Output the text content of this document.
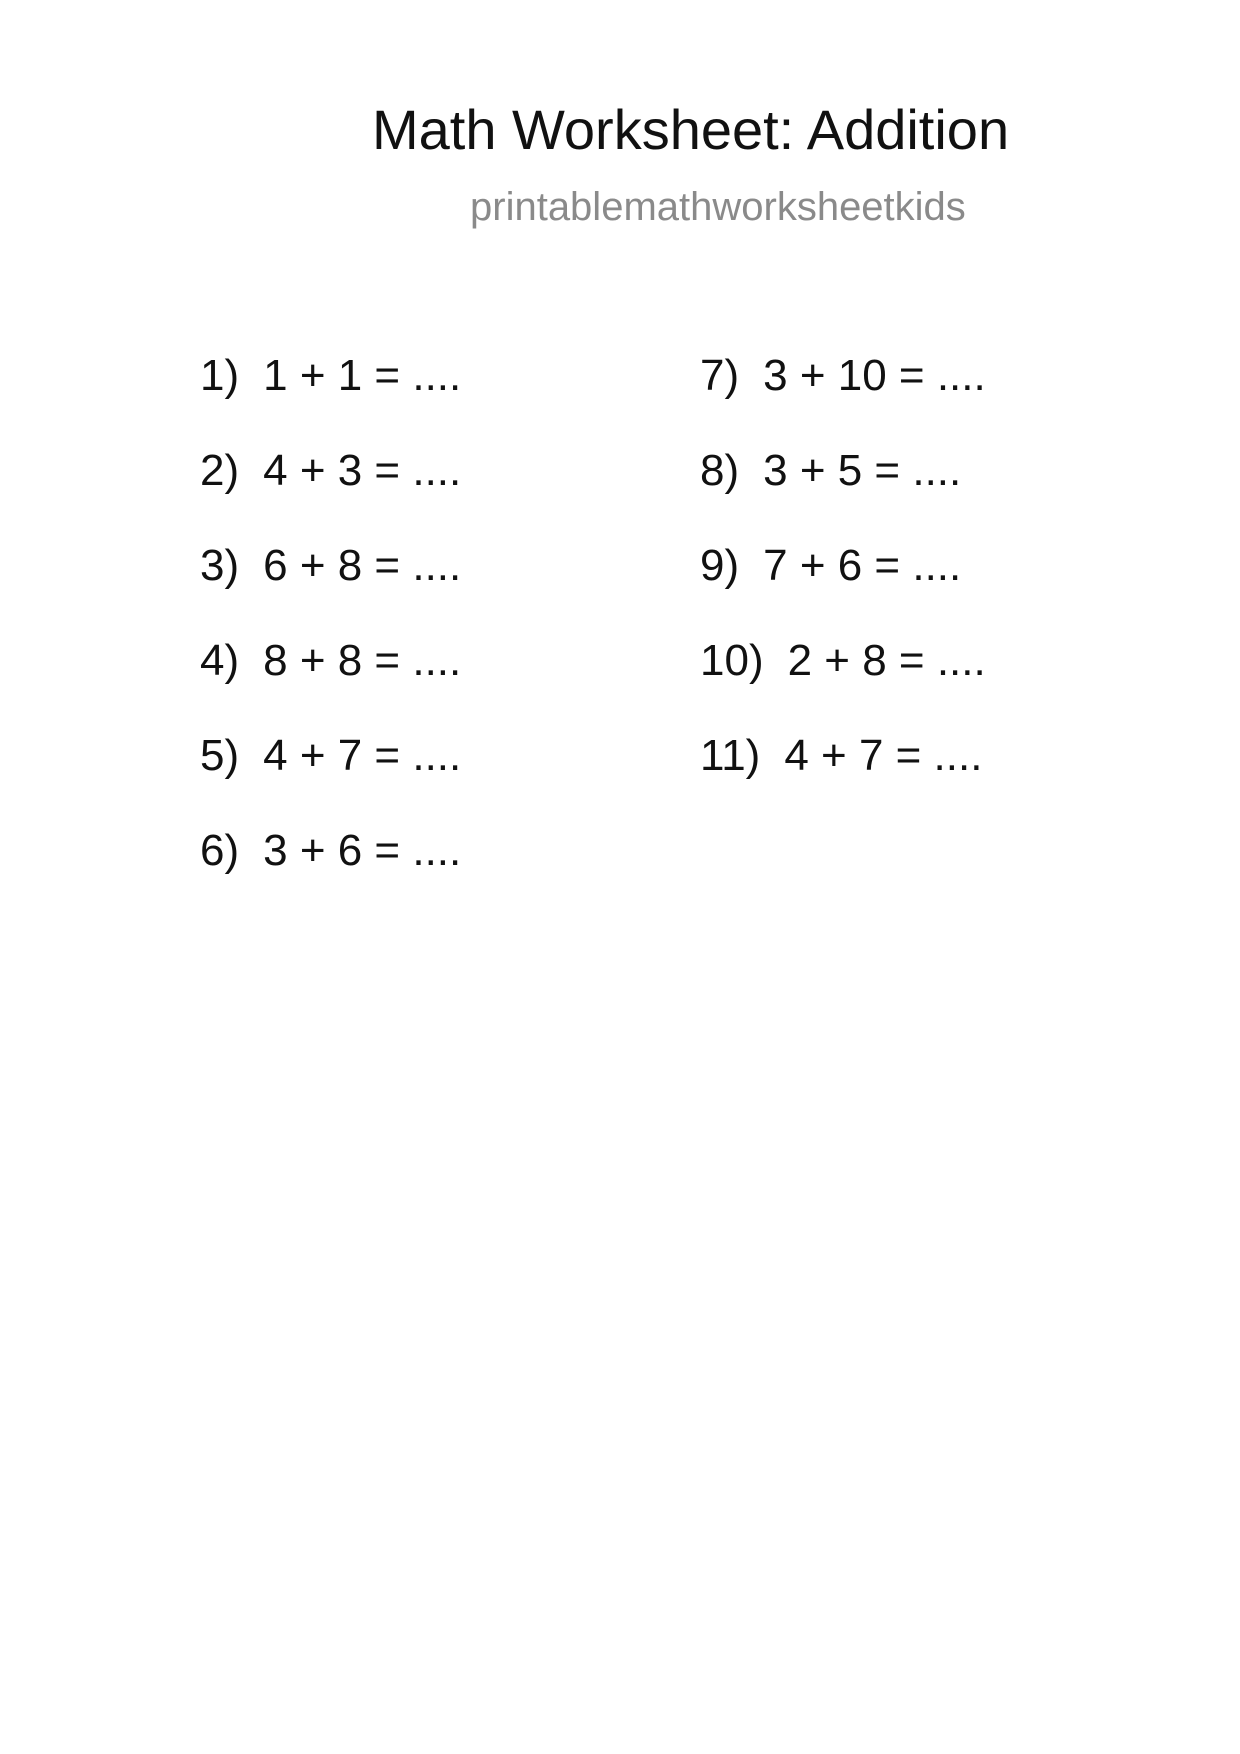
Math Worksheet: Addition
printablemathworksheetkids
1) 1 + 1 = ....
2) 4 + 3 = ....
3) 6 + 8 = ....
4) 8 + 8 = ....
5) 4 + 7 = ....
6) 3 + 6 = ....
7) 3 + 10 = ....
8) 3 + 5 = ....
9) 7 + 6 = ....
10) 2 + 8 = ....
11) 4 + 7 = ....
